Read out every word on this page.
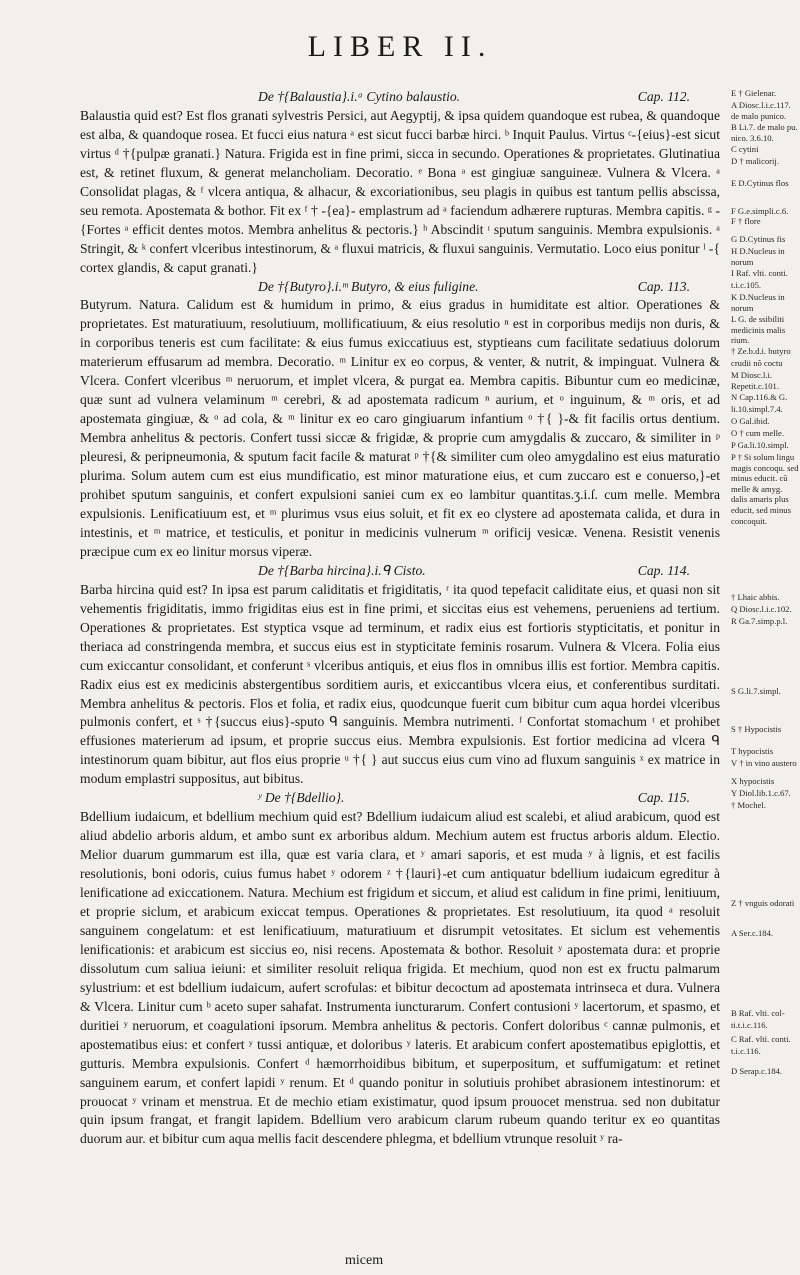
LIBER II.
De †{Balaustia}.i.ᵃ Cytino balaustio.	Cap. 112.

Balaustia quid est? Est flos granati sylvestris Persici, aut Aegyptij, & ipsa quidem quandoque est rubea, & quandoque est alba, & quandoque rosea. Et fucci eius natura ᵃ est sicut fucci barbæ hirci. ᵇ Inquit Paulus. Virtus ᶜ-{eius}-est sicut virtus ᵈ †{pulpæ granati.} Natura. Frigida est in fine primi, sicca in secundo. Operationes & proprietates. Glutinatiua est, & retinet fluxum, & generat melancholiam. Decoratio. ᵉ Bona ᵃ est gingiuæ sanguineæ. Vulnera & Vlcera. ᵃ Consolidat plagas, & ᶠ vlcera antiqua, & alhacur, & excoriationibus, seu plagis in quibus est tantum pellis abscissa, seu remota. Apostemata & bothor. Fit ex ᶠ † -{ea}- emplastrum ad ᵃ faciendum adhærere rupturas. Membra capitis. ᵍ -{Fortes ᵃ efficit dentes motos. Membra anhelitus & pectoris.} ʰ Abscindit ᶦ sputum sanguinis. Membra expulsionis. ᵃ Stringit, & ᵏ confert vlceribus intestinorum, & ᵃ fluxui matricis, & fluxui sanguinis. Vermutatio. Loco eius ponitur ˡ -{ cortex glandis, & caput granati.}

De †{Butyro}.i.ᵐ Butyro, & eius fuligine.	Cap. 113.

Butyrum. Natura. Calidum est & humidum in primo, & eius gradus in humiditate est altior. Operationes & proprietates. Est maturatiuum, resolutiuum, mollificatiuum, & eius resolutio ⁿ est in corporibus medijs non duris, & in corporibus teneris est cum facilitate: & eius fumus exiccatiuus est, styptieans cum facilitate sedatiuus dolorum materierum effusarum ad membra. Decoratio. ᵐ Linitur ex eo corpus, & venter, & nutrit, & impinguat. Vulnera & Vlcera. Confert vlceribus ᵐ neruorum, et implet vlcera, & purgat ea. Membra capitis. Bibuntur cum eo medicinæ, quæ sunt ad vulnera velaminum ᵐ cerebri, & ad apostemata radicum ⁿ aurium, et ᵒ inguinum, & ᵐ oris, et ad apostemata gingiuæ, & ᵒ ad cola, & ᵐ linitur ex eo caro gingiuarum infantium ᵒ †{ }-& fit facilis ortus dentium. Membra anhelitus & pectoris. Confert tussi siccæ & frigidæ, & proprie cum amygdalis & zuccaro, & similiter in ᵖ pleuresi, & peripneumonia, & sputum facit facile & maturat ᵖ †{& similiter cum oleo amygdalino est eius maturatio plurima. Solum autem cum est eius mundificatio, est minor maturatione eius, et cum zuccaro est e conuerso,}-et prohibet sputum sanguinis, et confert expulsioni saniei cum ex eo lambitur quantitas.ʒ.i.ſ. cum melle. Membra expulsionis. Lenificatiuum est, et ᵐ plurimus vsus eius soluit, et fit ex eo clystere ad apostemata calida, et dura in intestinis, et ᵐ matrice, et testiculis, et ponitur in medicinis vulnerum ᵐ orificij vesicæ. Venena. Resistit venenis præcipue cum ex eo linitur morsus viperæ.

De †{Barba hircina}.i.ᑫ Cisto.	Cap. 114.

Barba hircina quid est? In ipsa est parum caliditatis et frigiditatis, ʳ ita quod tepefacit caliditate eius, et quasi non sit vehementis frigiditatis, immo frigiditas eius est in fine primi, et siccitas eius est vehemens, perueniens ad tertium. Operationes & proprietates. Est styptica vsque ad terminum, et radix eius est fortioris stypticitatis, et ponitur in theriaca ad constringenda membra, et succus eius est in stypticitate feminis rosarum. Vulnera & Vlcera. Folia eius cum exiccantur consolidant, et conferunt ˢ vlceribus antiquis, et eius flos in omnibus illis est fortior. Membra capitis. Radix eius est ex medicinis abstergentibus sorditiem auris, et exiccantibus vlcera eius, et conferentibus surditati. Membra anhelitus & pectoris. Flos et folia, et radix eius, quodcunque fuerit cum bibitur cum aqua hordei vlceribus pulmonis confert, et ˢ †{succus eius}-sputo ᑫ sanguinis. Membra nutrimenti. ᶠ Confortat stomachum ᵗ et prohibet effusiones materierum ad ipsum, et proprie succus eius. Membra expulsionis. Est fortior medicina ad vlcera ᑫ intestinorum quam bibitur, aut flos eius proprie ᵘ †{ } aut succus eius cum vino ad fluxum sanguinis ˣ ex matrice in modum emplastri suppositus, aut bibitus.

ʸ De †{Bdellio}.	Cap. 115.

Bdellium iudaicum, et bdellium mechium quid est? Bdellium iudaicum aliud est scalebi, et aliud arabicum, quod est aliud abdelio arboris aldum, et ambo sunt ex arboribus aldum. Mechium autem est fructus arboris aldum. Electio. Melior duarum gummarum est illa, quæ est varia clara, et ʸ amari saporis, et est muda ʸ à lignis, et est facilis resolutionis, boni odoris, cuius fumus habet ʸ odorem ᶻ †{lauri}-et cum antiquatur bdellium iudaicum egreditur à lenificatione ad exiccationem. Natura. Mechium est frigidum et siccum, et aliud est calidum in fine primi, lenitiuum, et proprie siclum, et arabicum exiccat tempus. Operationes & proprietates. Est resolutiuum, ita quod ᵃ resoluit sanguinem congelatum: et est lenificatiuum, maturatiuum et disrumpit vetositates. Et siclum est vehementis lenificationis: et arabicum est siccius eo, nisi recens. Apostemata & bothor. Resoluit ʸ apostemata dura: et proprie dissolutum cum saliua ieiuni: et similiter resoluit reliqua frigida. Et mechium, quod non est ex fructu palmarum sylustrium: et est bdellium iudaicum, aufert scrofulas: et bibitur decoctum ad apostemata intrinseca et dura. Vulnera & Vlcera. Linitur cum ᵇ aceto super sahafat. Instrumenta iuncturarum. Confert contusioni ʸ lacertorum, et spasmo, et duritiei ʸ neruorum, et coagulationi ipsorum. Membra anhelitus & pectoris. Confert doloribus ᶜ cannæ pulmonis, et apostematibus eius: et confert ʸ tussi antiquæ, et doloribus ʸ lateris. Et arabicum confert apostematibus epiglottis, et gutturis. Membra expulsionis. Confert ᵈ hæmorrhoidibus bibitum, et superpositum, et suffumigatum: et retinet sanguinem earum, et confert lapidi ʸ renum. Et ᵈ quando ponitur in solutiuis prohibet abrasionem intestinorum: et prouocat ʸ vrinam et menstrua. Et de mechio etiam existimatur, quod ipsum prouocet menstrua. sed non dubitatur quin ipsum frangat, et frangit lapidem. Bdellium vero arabicum clarum rubeum quando teritur ex eo quantitas duorum aur. et bibitur cum aqua mellis facit descendere phlegma, et bdellium vtrunque resoluit ʸ ra-

E † Gielenar.
A Diosc.l.i.c.117. de malo punico.
B Li.7. de malo pu. nico. 3.6.10.
C cytini
D † malicorij.
E D.Cytinus flos
F G.e.simpli.c.6.
F † flore
G D.Cytinus fis
H D.Nucleus in norum
I Raf. vlti. conti.
t.i.c.105.
K D.Nucleus in norum
L G. de ssibiliti medicinis malis rium.
† Ze.b.d.i. butyro
crudii nõ coctu
M Diosc.l.i. Repetit.c.101.
N Cap.116.& G.
li.10.simpl.7.4.
O Gal.ibid.
O † cum melle.
P Ga.li.10.simpl.
P † Si solum lingu magis concoqu. sed minus educit. cũ melle & amyg. dalis amaris plus educit, sed minus concoquit.
† Lhaic abbis.
Q Diosc.l.i.c.102.
R Ga.7.simp.p.l.
S G.li.7.simpl.
S † Hypocistis
T hypocistis
V † in vino austero
X hypocistis
Y Diol.lib.1.c.67.
† Mochel.
Z † vnguis odorati
A Ser.c.184.
B Raf. vlti. col-
ti.t.i.c.116.
C Raf. vlti. conti.
t.i.c.116.
D Serap.c.184.
micem
